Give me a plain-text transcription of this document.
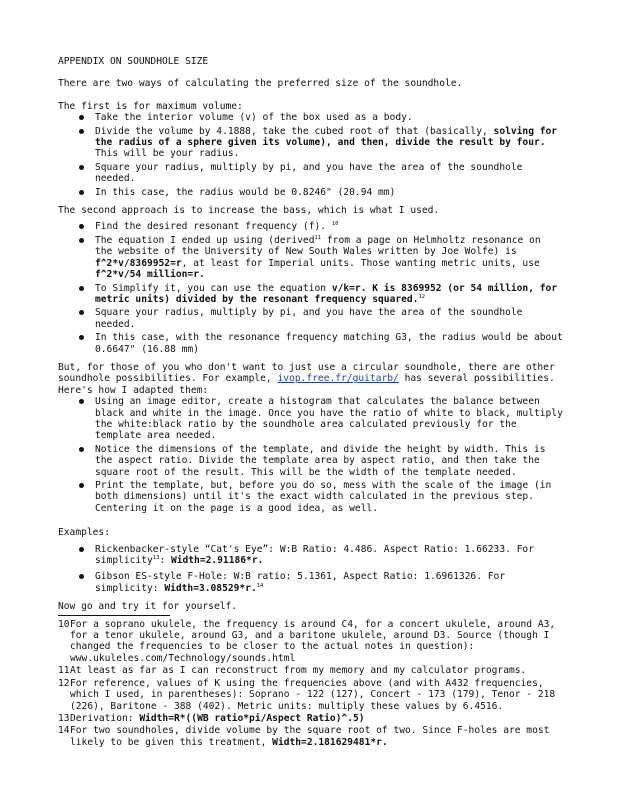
APPENDIX ON SOUNDHOLE SIZE

There are two ways of calculating the preferred size of the soundhole.

The first is for maximum volume:

Take the interior volume (v) of the box used as a body.
Divide the volume by 4.1888, take the cubed root of that (basically, solving for the radius of a sphere given its volume), and then, divide the result by four. This will be your radius.
Square your radius, multiply by pi, and you have the area of the soundhole needed.
In this case, the radius would be 0.8246" (20.94 mm)

The second approach is to increase the bass, which is what I used.

Find the desired resonant frequency (f). $^{10}$
The equation I ended up using (derived$^{11}$ from a page on Helmholtz resonance on the website of the University of New South Wales written by Joe Wolfe) is f^2*v/8369952=r, at least for Imperial units. Those wanting metric units, use f^2*v/54 million=r.
To Simplify it, you can use the equation v/k=r. K is 8369952 (or 54 million, for metric units) divided by the resonant frequency squared.$^{12}$
Square your radius, multiply by pi, and you have the area of the soundhole needed.
In this case, with the resonance frequency matching G3, the radius would be about 0.6647" (16.88 mm)

But, for those of you who don't want to just use a circular soundhole, there are other soundhole possibilities. For example, ivop.free.fr/guitarb/ has several possibilities. Here's how I adapted them:

Using an image editor, create a histogram that calculates the balance between black and white in the image. Once you have the ratio of white to black, multiply the white:black ratio by the soundhole area calculated previously for the template area needed.
Notice the dimensions of the template, and divide the height by width. This is the aspect ratio. Divide the template area by aspect ratio, and then take the square root of the result. This will be the width of the template needed.
Print the template, but, before you do so, mess with the scale of the image (in both dimensions) until it's the exact width calculated in the previous step. Centering it on the page is a good idea, as well.

Examples:

Rickenbacker-style “Cat's Eye”: W:B Ratio: 4.486. Aspect Ratio: 1.66233. For simplicity$^{13}$: Width=2.91186*r.
Gibson ES-style F-Hole: W:B ratio: 5.1361, Aspect Ratio: 1.6961326. For simplicity: Width=3.08529*r.$^{14}$

Now go and try it for yourself.

10 For a soprano ukulele, the frequency is around C4, for a concert ukulele, around A3, for a tenor ukulele, around G3, and a baritone ukulele, around D3. Source (though I changed the frequencies to be closer to the actual notes in question): www.ukuleles.com/Technology/sounds.html
11 At least as far as I can reconstruct from my memory and my calculator programs.
12 For reference, values of K using the frequencies above (and with A432 frequencies, which I used, in parentheses): Soprano - 122 (127), Concert - 173 (179), Tenor - 218 (226), Baritone - 388 (402). Metric units: multiply these values by 6.4516.
13 Derivation: Width=R*((WB ratio*pi/Aspect Ratio)^.5)
14 For two soundholes, divide volume by the square root of two. Since F-holes are most likely to be given this treatment, Width=2.181629481*r.
